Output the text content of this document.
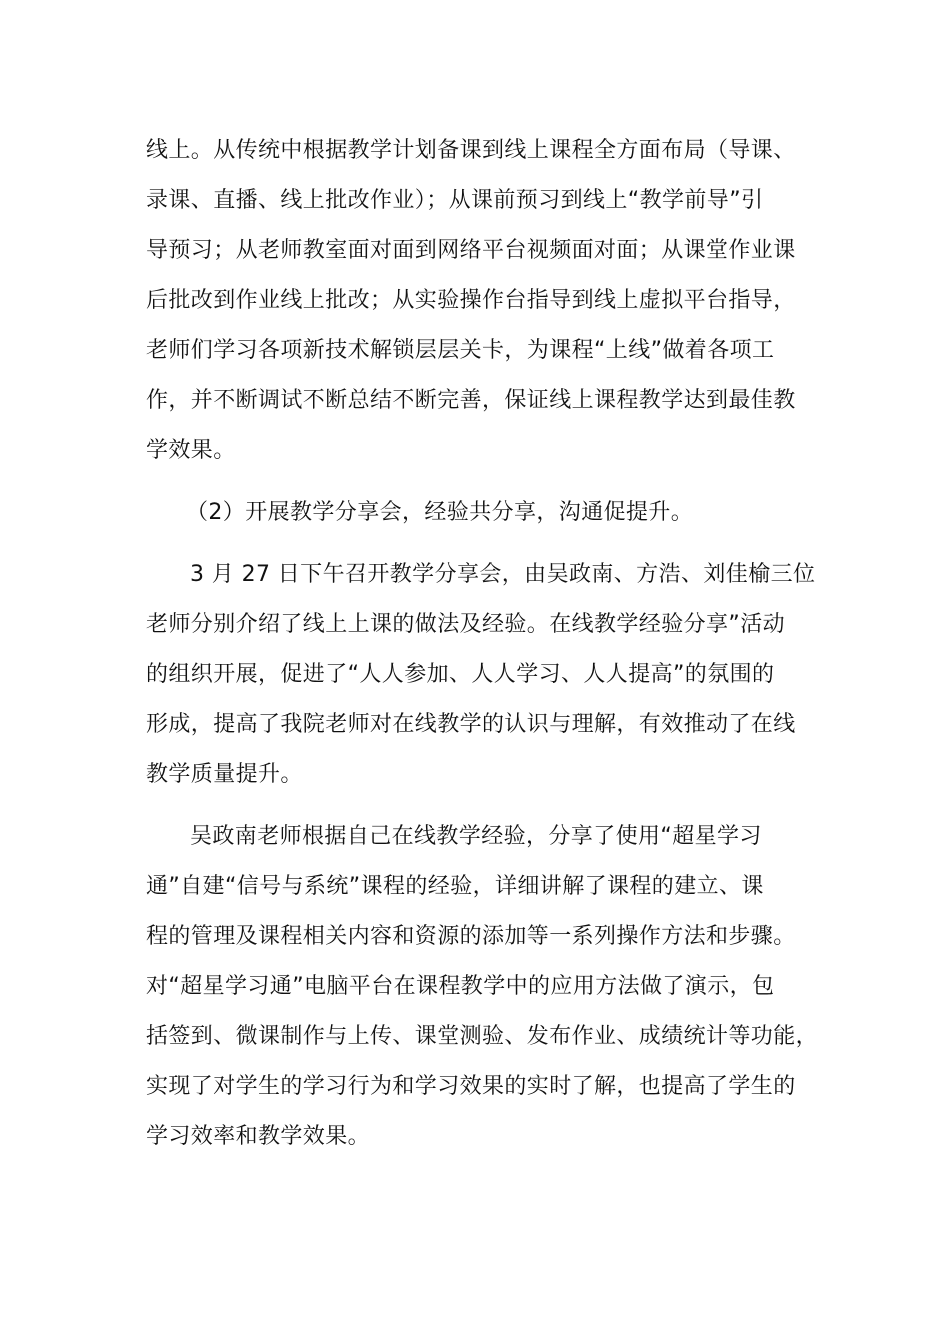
线上。从传统中根据教学计划备课到线上课程全方面布局（导课、
录课、直播、线上批改作业）；从课前预习到线上“教学前导”引
导预习；从老师教室面对面到网络平台视频面对面；从课堂作业课
后批改到作业线上批改；从实验操作台指导到线上虚拟平台指导，
老师们学习各项新技术解锁层层关卡，为课程“上线”做着各项工
作，并不断调试不断总结不断完善，保证线上课程教学达到最佳教
学效果。
（2）开展教学分享会，经验共分享，沟通促提升。
3 月 27 日下午召开教学分享会，由吴政南、方浩、刘佳榆三位
老师分别介绍了线上上课的做法及经验。在线教学经验分享”活动
的组织开展，促进了“人人参加、人人学习、人人提高”的氛围的
形成，提高了我院老师对在线教学的认识与理解，有效推动了在线
教学质量提升。
吴政南老师根据自己在线教学经验，分享了使用“超星学习
通”自建“信号与系统”课程的经验，详细讲解了课程的建立、课
程的管理及课程相关内容和资源的添加等一系列操作方法和步骤。
对“超星学习通”电脑平台在课程教学中的应用方法做了演示，包
括签到、微课制作与上传、课堂测验、发布作业、成绩统计等功能，
实现了对学生的学习行为和学习效果的实时了解，也提高了学生的
学习效率和教学效果。
